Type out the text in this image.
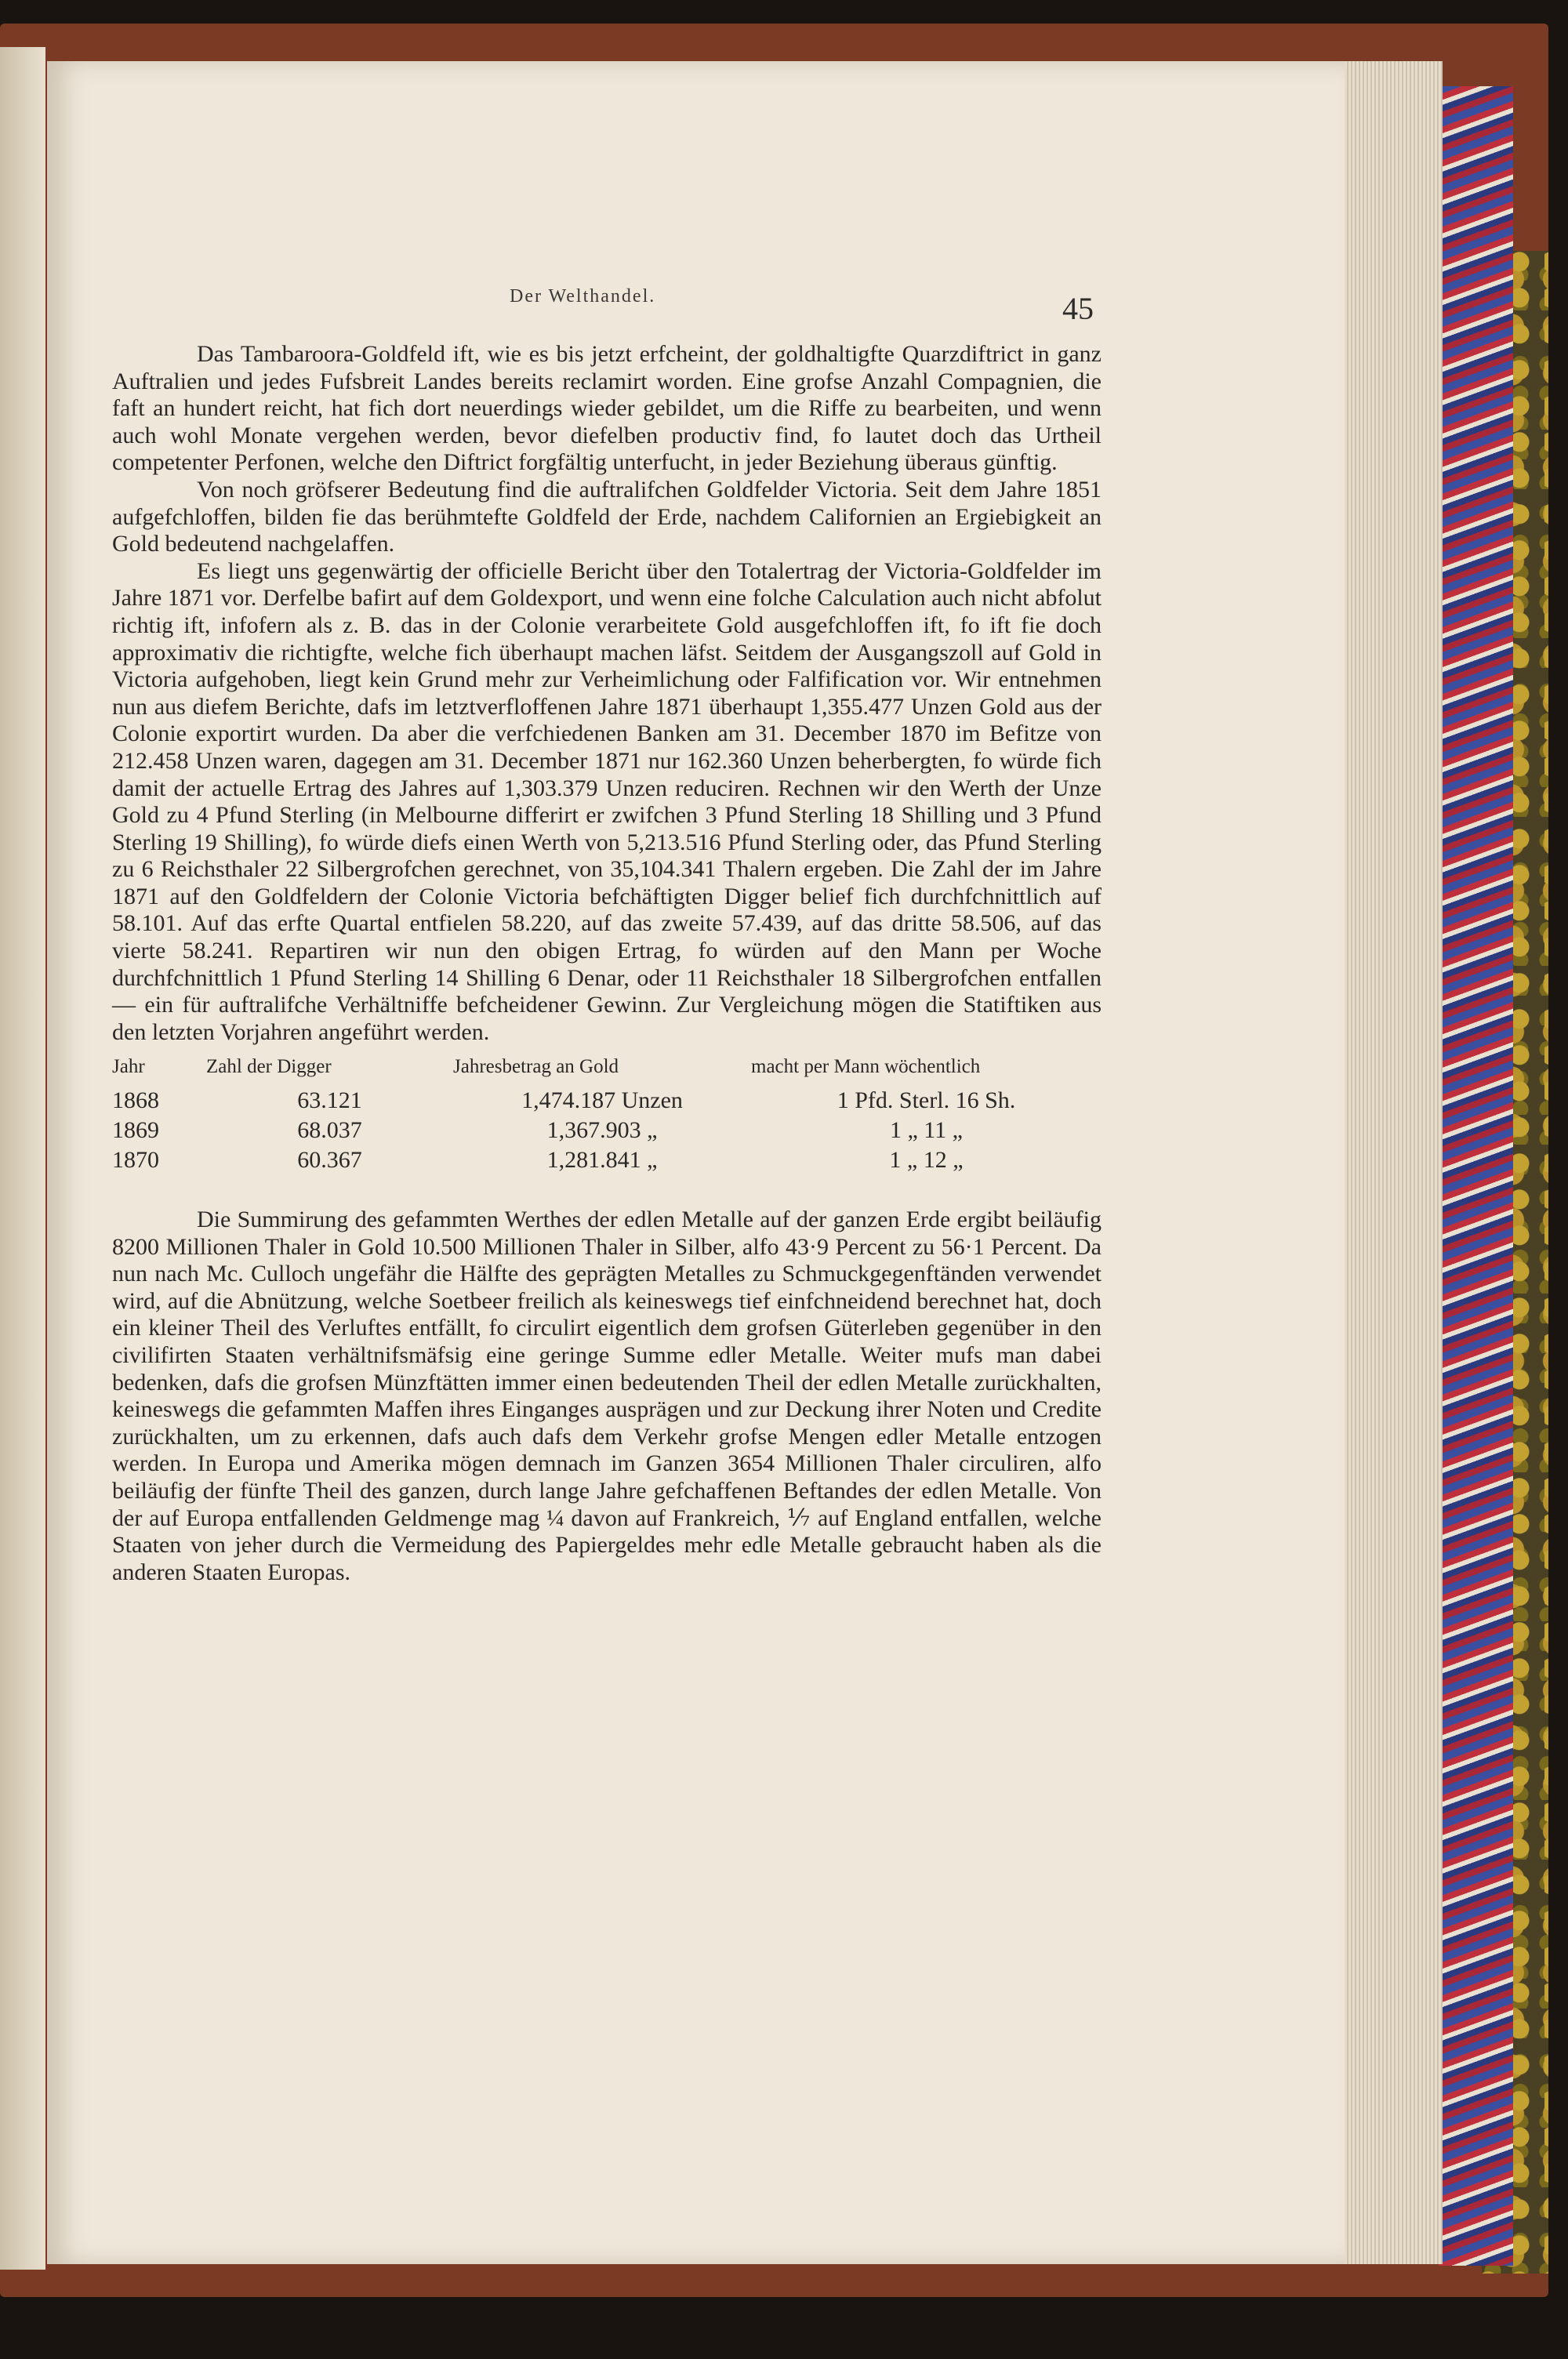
Der Welthandel.	45

Das Tambaroora-Goldfeld ift, wie es bis jetzt erfcheint, der goldhaltigfte Quarzdiftrict in ganz Auftralien und jedes Fufsbreit Landes bereits reclamirt worden. Eine grofse Anzahl Compagnien, die faft an hundert reicht, hat fich dort neuerdings wieder gebildet, um die Riffe zu bearbeiten, und wenn auch wohl Monate vergehen werden, bevor diefelben productiv find, fo lautet doch das Urtheil competenter Perfonen, welche den Diftrict forgfältig unterfucht, in jeder Beziehung überaus günftig.

Von noch gröfserer Bedeutung find die auftralifchen Goldfelder Victoria. Seit dem Jahre 1851 aufgefchloffen, bilden fie das berühmtefte Goldfeld der Erde, nachdem Californien an Ergiebigkeit an Gold bedeutend nachgelaffen.

Es liegt uns gegenwärtig der officielle Bericht über den Totalertrag der Victoria-Goldfelder im Jahre 1871 vor. Derfelbe bafirt auf dem Goldexport, und wenn eine folche Calculation auch nicht abfolut richtig ift, infofern als z. B. das in der Colonie verarbeitete Gold ausgefchloffen ift, fo ift fie doch approximativ die richtigfte, welche fich überhaupt machen läfst. Seitdem der Ausgangszoll auf Gold in Victoria aufgehoben, liegt kein Grund mehr zur Verheimlichung oder Falfification vor. Wir entnehmen nun aus diefem Berichte, dafs im letztverfloffenen Jahre 1871 überhaupt 1,355.477 Unzen Gold aus der Colonie exportirt wurden. Da aber die verfchiedenen Banken am 31. December 1870 im Befitze von 212.458 Unzen waren, dagegen am 31. December 1871 nur 162.360 Unzen beherbergten, fo würde fich damit der actuelle Ertrag des Jahres auf 1,303.379 Unzen reduciren. Rechnen wir den Werth der Unze Gold zu 4 Pfund Sterling (in Melbourne differirt er zwifchen 3 Pfund Sterling 18 Shilling und 3 Pfund Sterling 19 Shilling), fo würde diefs einen Werth von 5,213.516 Pfund Sterling oder, das Pfund Sterling zu 6 Reichsthaler 22 Silbergrofchen gerechnet, von 35,104.341 Thalern ergeben. Die Zahl der im Jahre 1871 auf den Goldfeldern der Colonie Victoria befchäftigten Digger belief fich durchfchnittlich auf 58.101. Auf das erfte Quartal entfielen 58.220, auf das zweite 57.439, auf das dritte 58.506, auf das vierte 58.241. Repartiren wir nun den obigen Ertrag, fo würden auf den Mann per Woche durchfchnittlich 1 Pfund Sterling 14 Shilling 6 Denar, oder 11 Reichsthaler 18 Silbergrofchen entfallen — ein für auftralifche Verhältniffe befcheidener Gewinn. Zur Vergleichung mögen die Statiftiken aus den letzten Vorjahren angeführt werden.

Jahr	Zahl der Digger	Jahresbetrag an Gold	macht per Mann wöchentlich
1868	63.121	1,474.187 Unzen	1 Pfd. Sterl. 16 Sh.
1869	68.037	1,367.903 „	1 „ 11 „
1870	60.367	1,281.841 „	1 „ 12 „

Die Summirung des gefammten Werthes der edlen Metalle auf der ganzen Erde ergibt beiläufig 8200 Millionen Thaler in Gold 10.500 Millionen Thaler in Silber, alfo 43·9 Percent zu 56·1 Percent. Da nun nach Mc. Culloch ungefähr die Hälfte des geprägten Metalles zu Schmuckgegenftänden verwendet wird, auf die Abnützung, welche Soetbeer freilich als keineswegs tief einfchneidend berechnet hat, doch ein kleiner Theil des Verluftes entfällt, fo circulirt eigentlich dem grofsen Güterleben gegenüber in den civilifirten Staaten verhältnifsmäfsig eine geringe Summe edler Metalle. Weiter mufs man dabei bedenken, dafs die grofsen Münzftätten immer einen bedeutenden Theil der edlen Metalle zurückhalten, keineswegs die gefammten Maffen ihres Einganges ausprägen und zur Deckung ihrer Noten und Credite zurückhalten, um zu erkennen, dafs auch dafs dem Verkehr grofse Mengen edler Metalle entzogen werden. In Europa und Amerika mögen demnach im Ganzen 3654 Millionen Thaler circuliren, alfo beiläufig der fünfte Theil des ganzen, durch lange Jahre gefchaffenen Beftandes der edlen Metalle. Von der auf Europa entfallenden Geldmenge mag ¼ davon auf Frankreich, ⅐ auf England entfallen, welche Staaten von jeher durch die Vermeidung des Papiergeldes mehr edle Metalle gebraucht haben als die anderen Staaten Europas.
